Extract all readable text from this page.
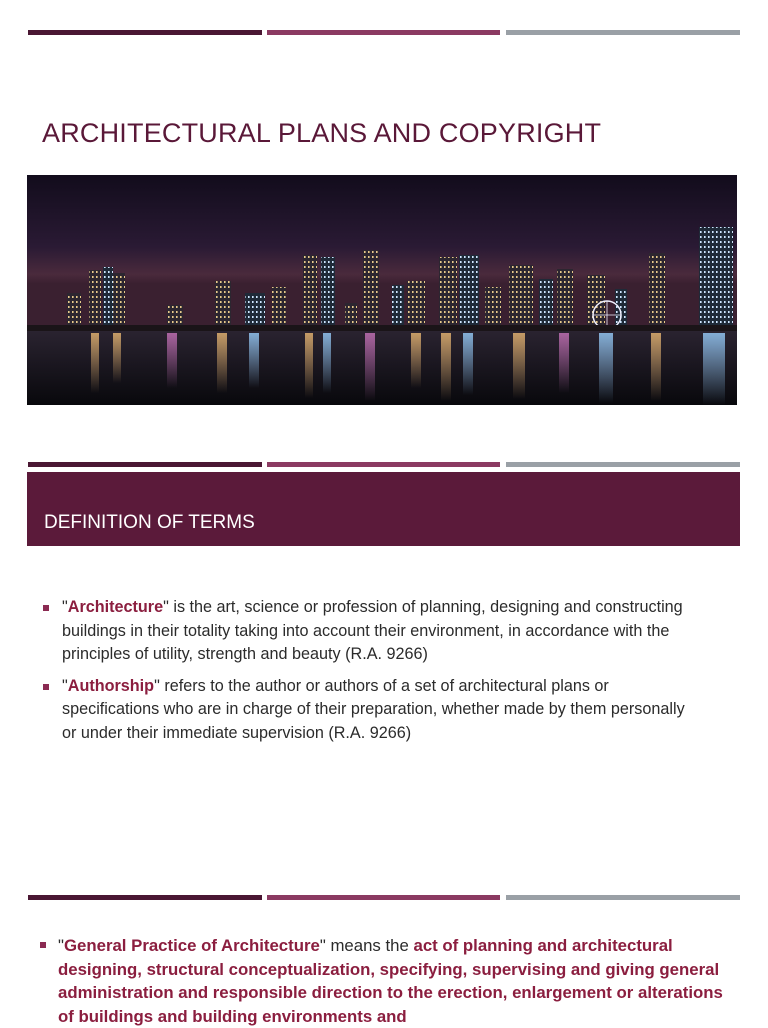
ARCHITECTURAL PLANS AND COPYRIGHT
DEFINITION OF TERMS
"Architecture" is the art, science or profession of planning, designing and constructing buildings in their totality taking into account their environment, in accordance with the principles of utility, strength and beauty (R.A. 9266)
"Authorship" refers to the author or authors of a set of architectural plans or specifications who are in charge of their preparation, whether made by them personally or under their immediate supervision (R.A. 9266)
"General Practice of Architecture" means the act of planning and architectural designing, structural conceptualization, specifying, supervising and giving general administration and responsible direction to the erection, enlargement or alterations of buildings and building environments and
